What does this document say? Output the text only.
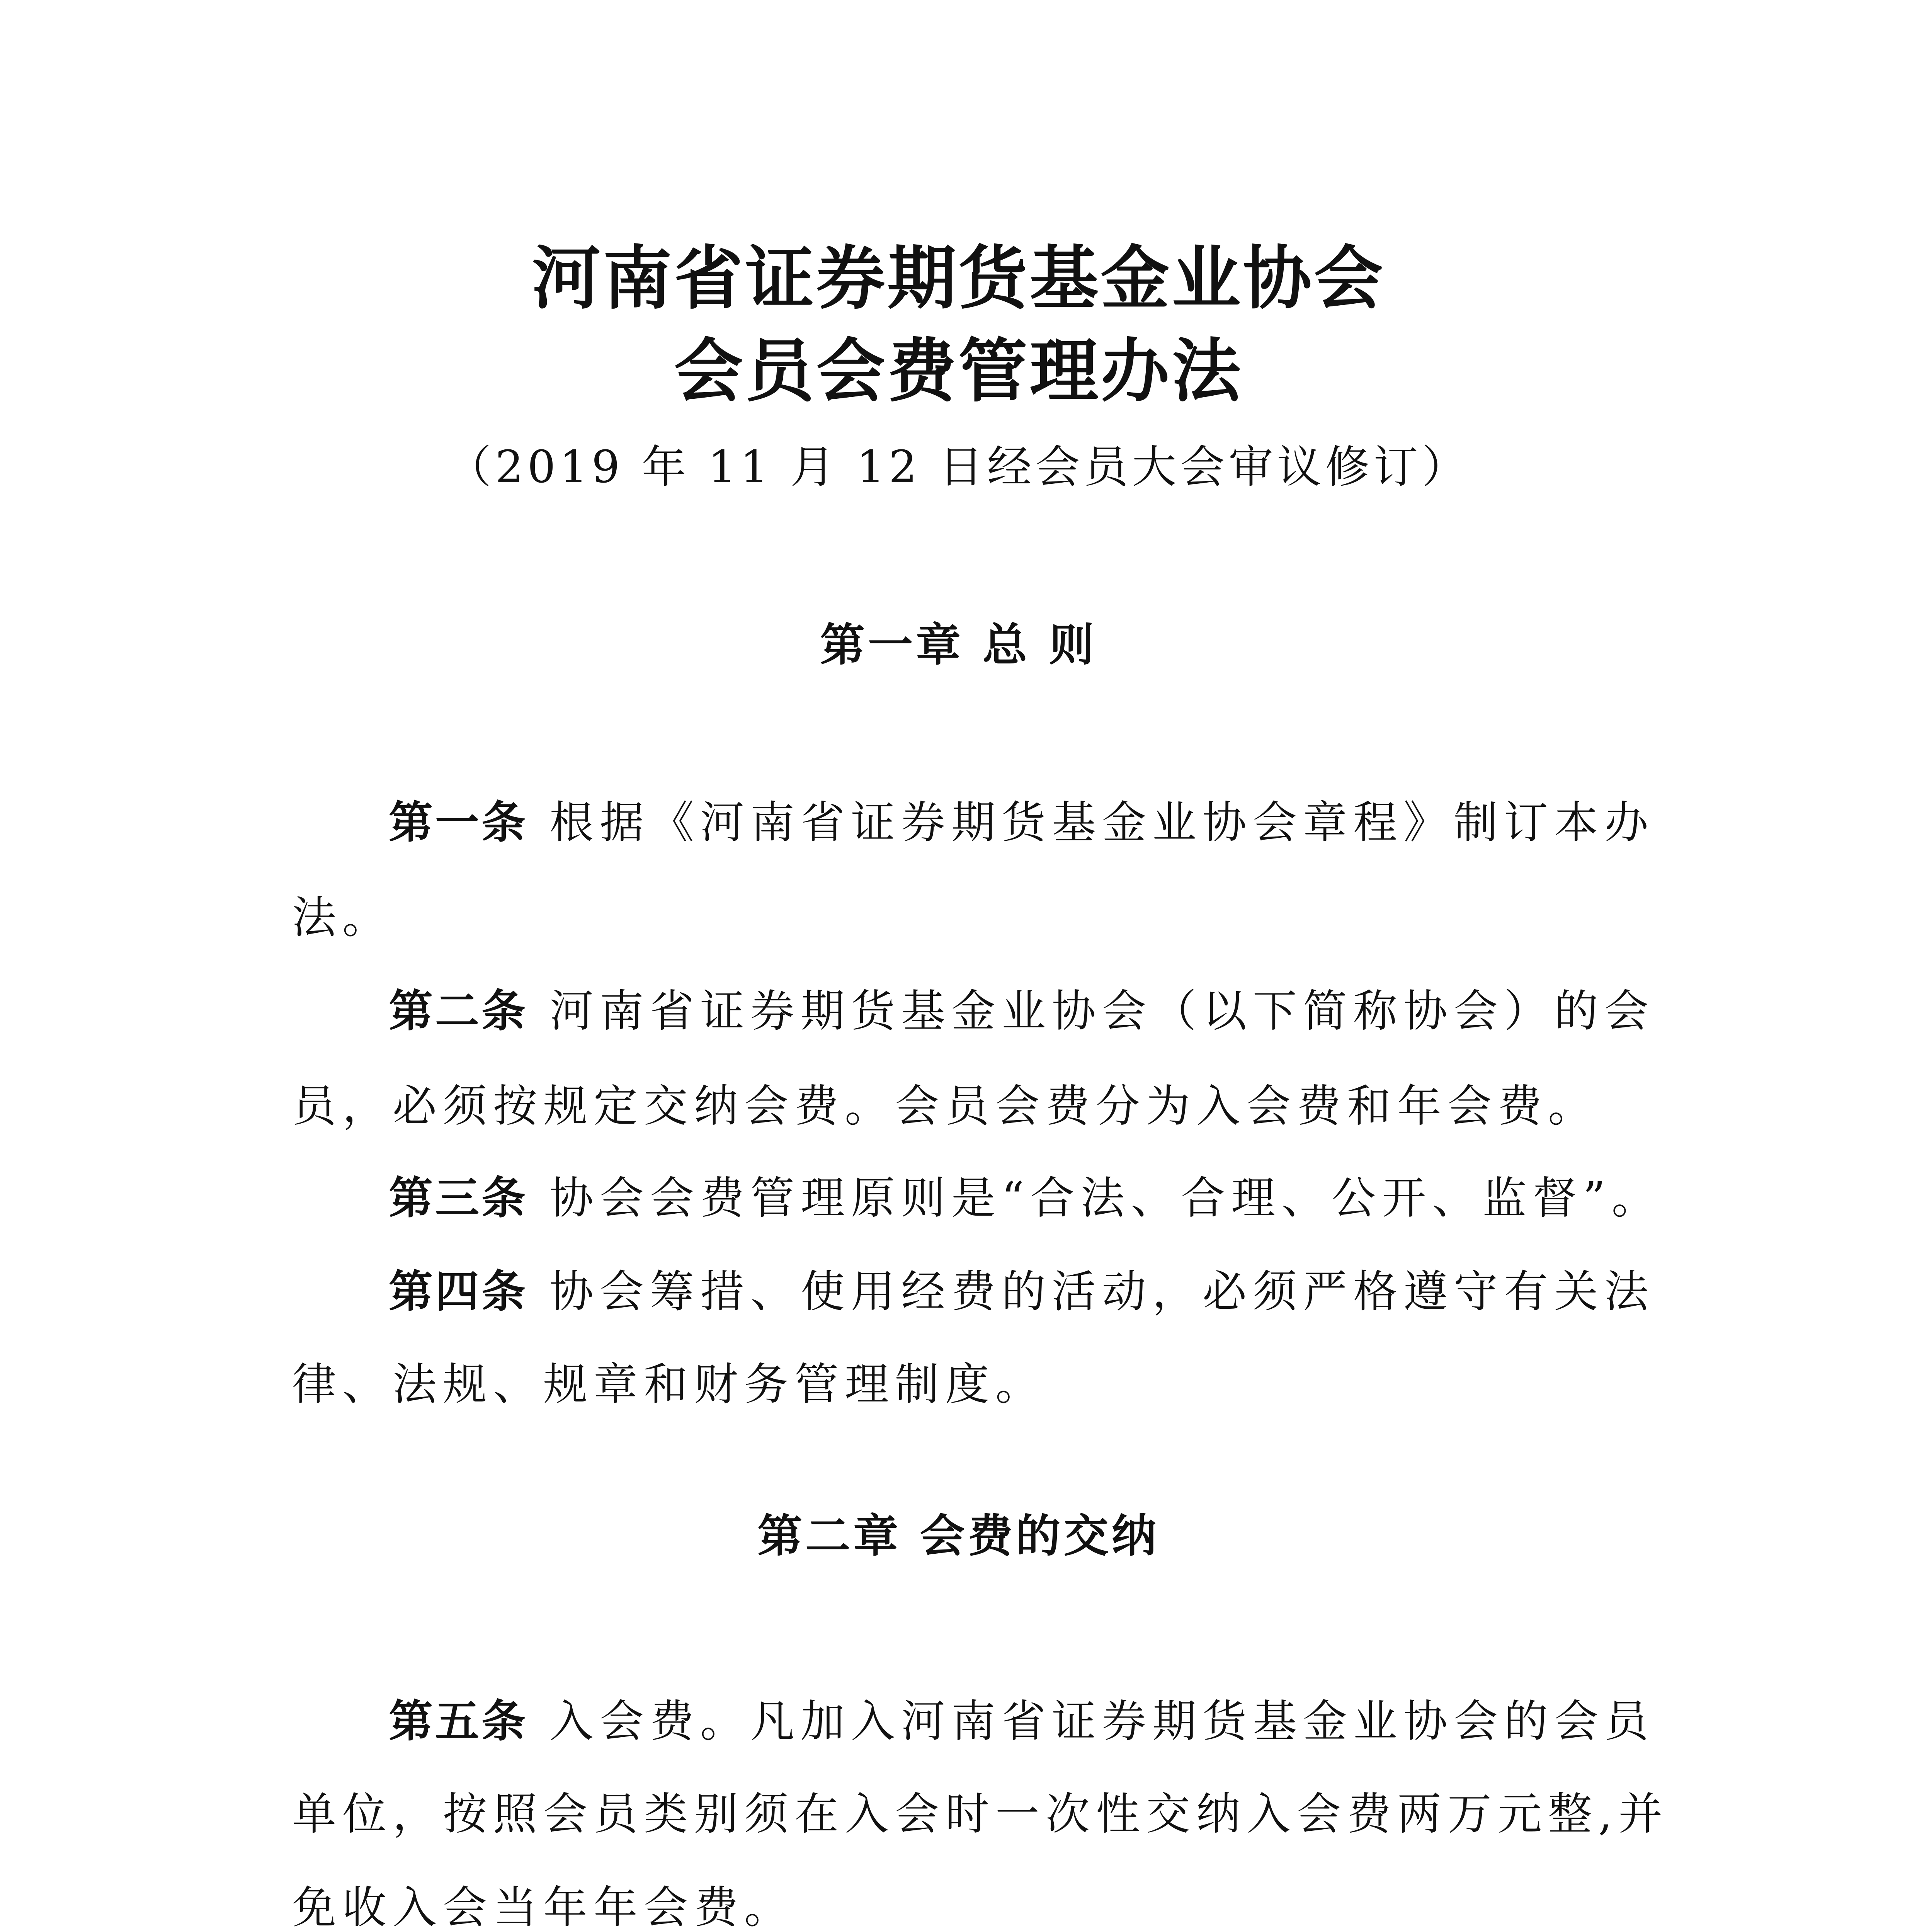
河南省证券期货基金业协会
会员会费管理办法
（2019 年 11 月 12 日经会员大会审议修订）
第一章 总 则
第一条 根据《河南省证券期货基金业协会章程》制订本办
法。
第二条 河南省证券期货基金业协会（以下简称协会）的会
员，必须按规定交纳会费。会员会费分为入会费和年会费。
第三条 协会会费管理原则是“合法、合理、公开、监督”。
第四条 协会筹措、使用经费的活动，必须严格遵守有关法
律、法规、规章和财务管理制度。
第二章 会费的交纳
第五条 入会费。凡加入河南省证券期货基金业协会的会员
单位，按照会员类别须在入会时一次性交纳入会费两万元整,并
免收入会当年年会费。
